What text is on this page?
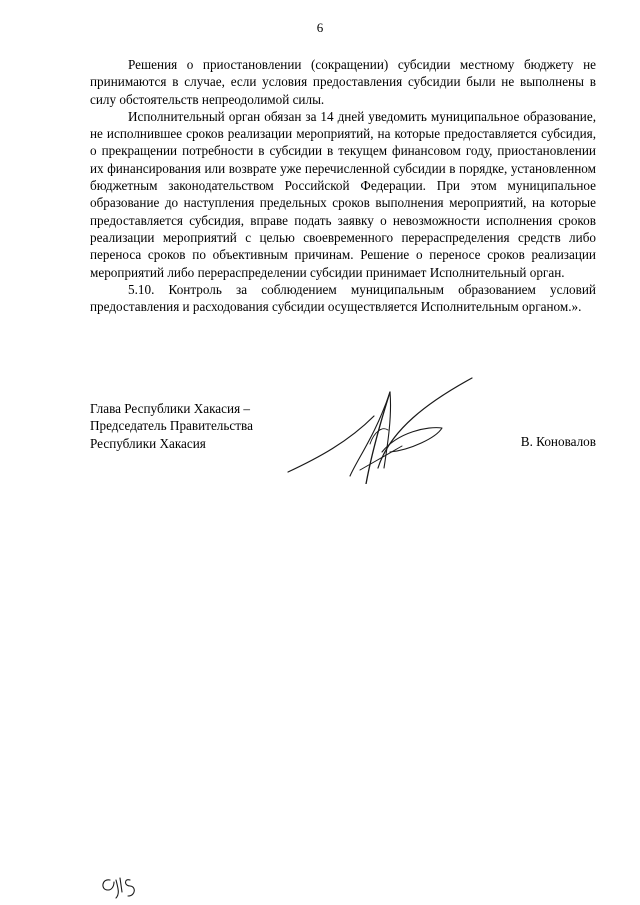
6

Решения о приостановлении (сокращении) субсидии местному бюджету не принимаются в случае, если условия предоставления субсидии были не выполнены в силу обстоятельств непреодолимой силы.

Исполнительный орган обязан за 14 дней уведомить муниципальное образование, не исполнившее сроков реализации мероприятий, на которые предоставляется субсидия, о прекращении потребности в субсидии в текущем финансовом году, приостановлении их финансирования или возврате уже перечисленной субсидии в порядке, установленном бюджетным законодательством Российской Федерации. При этом муниципальное образование до наступления предельных сроков выполнения мероприятий, на которые предоставляется субсидия, вправе подать заявку о невозможности исполнения сроков реализации мероприятий с целью своевременного перераспределения средств либо переноса сроков по объективным причинам. Решение о переносе сроков реализации мероприятий либо перераспределении субсидии принимает Исполнительный орган.

5.10. Контроль за соблюдением муниципальным образованием условий предоставления и расходования субсидии осуществляется Исполнительным органом.».

Глава Республики Хакасия –
Председатель Правительства
Республики Хакасия	В. Коновалов
